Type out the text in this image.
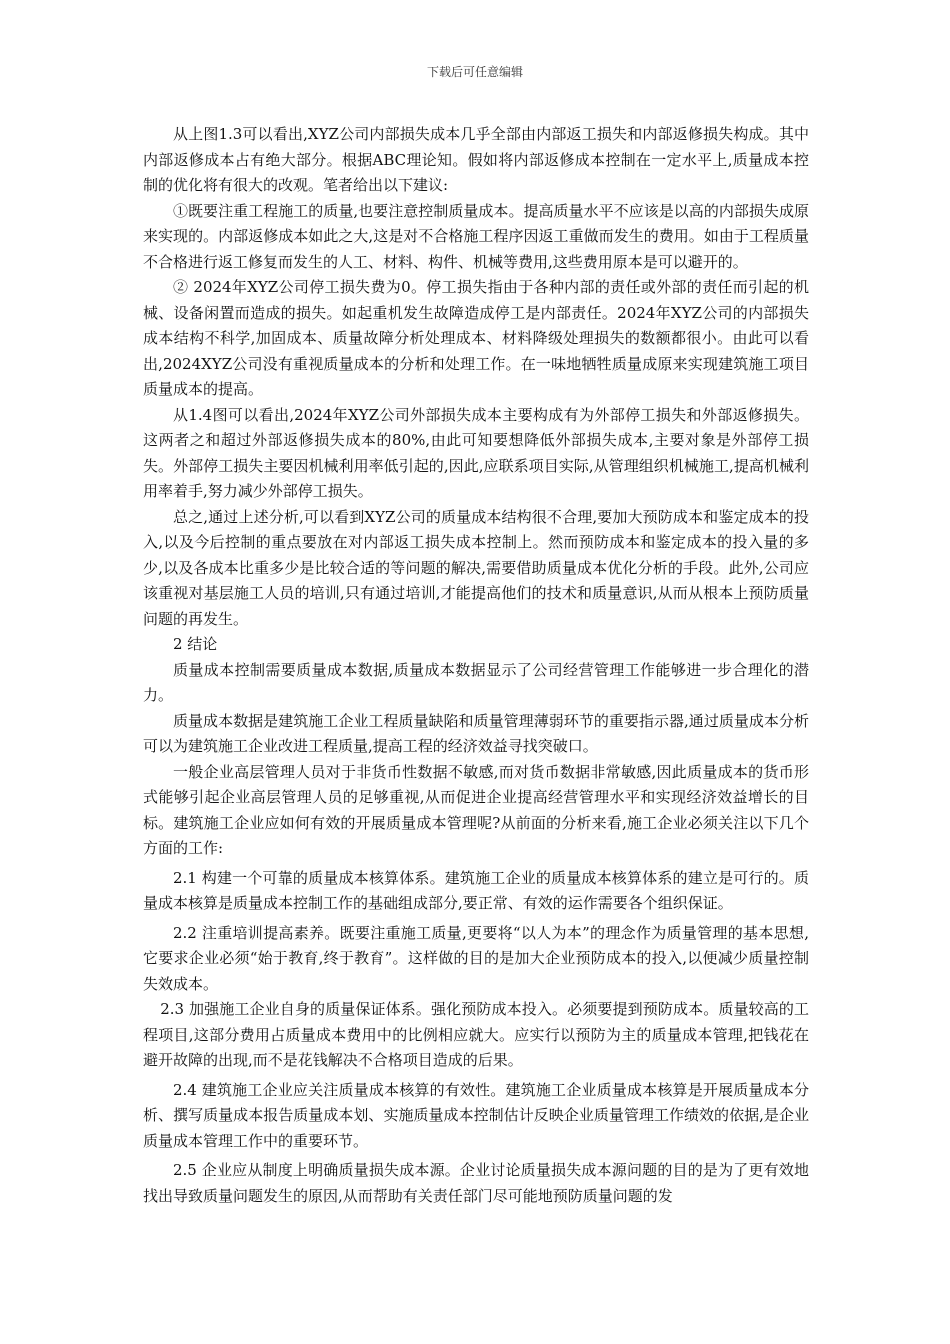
下载后可任意编辑

从上图1.3可以看出,XYZ公司内部损失成本几乎全部由内部返工损失和内部返修损失构成。其中内部返修成本占有绝大部分。根据ABC理论知。假如将内部返修成本控制在一定水平上,质量成本控制的优化将有很大的改观。笔者给出以下建议:

①既要注重工程施工的质量,也要注意控制质量成本。提高质量水平不应该是以高的内部损失成原来实现的。内部返修成本如此之大,这是对不合格施工程序因返工重做而发生的费用。如由于工程质量不合格进行返工修复而发生的人工、材料、构件、机械等费用,这些费用原本是可以避开的。

② 2024年XYZ公司停工损失费为0。停工损失指由于各种内部的责任或外部的责任而引起的机械、设备闲置而造成的损失。如起重机发生故障造成停工是内部责任。2024年XYZ公司的内部损失成本结构不科学,加固成本、质量故障分析处理成本、材料降级处理损失的数额都很小。由此可以看出,2024XYZ公司没有重视质量成本的分析和处理工作。在一味地牺牲质量成原来实现建筑施工项目质量成本的提高。

从1.4图可以看出,2024年XYZ公司外部损失成本主要构成有为外部停工损失和外部返修损失。这两者之和超过外部返修损失成本的80%,由此可知要想降低外部损失成本,主要对象是外部停工损失。外部停工损失主要因机械利用率低引起的,因此,应联系项目实际,从管理组织机械施工,提高机械利用率着手,努力减少外部停工损失。

总之,通过上述分析,可以看到XYZ公司的质量成本结构很不合理,要加大预防成本和鉴定成本的投入,以及今后控制的重点要放在对内部返工损失成本控制上。然而预防成本和鉴定成本的投入量的多少,以及各成本比重多少是比较合适的等问题的解决,需要借助质量成本优化分析的手段。此外,公司应该重视对基层施工人员的培训,只有通过培训,才能提高他们的技术和质量意识,从而从根本上预防质量问题的再发生。

2 结论

质量成本控制需要质量成本数据,质量成本数据显示了公司经营管理工作能够进一步合理化的潜力。

质量成本数据是建筑施工企业工程质量缺陷和质量管理薄弱环节的重要指示器,通过质量成本分析可以为建筑施工企业改进工程质量,提高工程的经济效益寻找突破口。

一般企业高层管理人员对于非货币性数据不敏感,而对货币数据非常敏感,因此质量成本的货币形式能够引起企业高层管理人员的足够重视,从而促进企业提高经营管理水平和实现经济效益增长的目标。建筑施工企业应如何有效的开展质量成本管理呢?从前面的分析来看,施工企业必须关注以下几个方面的工作:

2.1 构建一个可靠的质量成本核算体系。建筑施工企业的质量成本核算体系的建立是可行的。质量成本核算是质量成本控制工作的基础组成部分,要正常、有效的运作需要各个组织保证。

2.2 注重培训提高素养。既要注重施工质量,更要将“以人为本”的理念作为质量管理的基本思想,它要求企业必须“始于教育,终于教育”。这样做的目的是加大企业预防成本的投入,以便减少质量控制失效成本。

2.3 加强施工企业自身的质量保证体系。强化预防成本投入。必须要提到预防成本。质量较高的工程项目,这部分费用占质量成本费用中的比例相应就大。应实行以预防为主的质量成本管理,把钱花在避开故障的出现,而不是花钱解决不合格项目造成的后果。

2.4 建筑施工企业应关注质量成本核算的有效性。建筑施工企业质量成本核算是开展质量成本分析、撰写质量成本报告质量成本划、实施质量成本控制估计反映企业质量管理工作绩效的依据,是企业质量成本管理工作中的重要环节。

2.5 企业应从制度上明确质量损失成本源。企业讨论质量损失成本源问题的目的是为了更有效地找出导致质量问题发生的原因,从而帮助有关责任部门尽可能地预防质量问题的发
